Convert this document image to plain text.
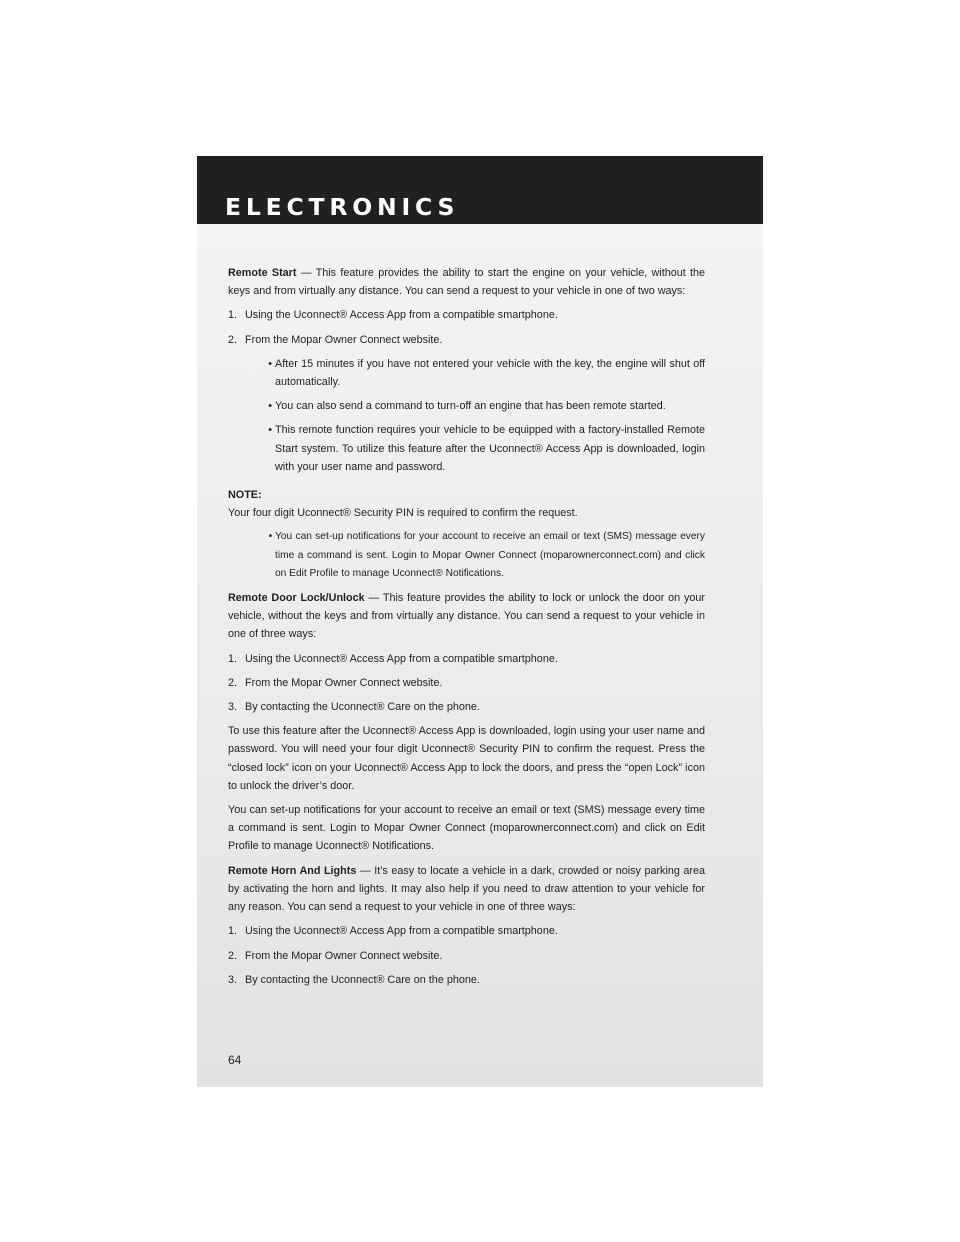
ELECTRONICS

Remote Start — This feature provides the ability to start the engine on your vehicle, without the keys and from virtually any distance. You can send a request to your vehicle in one of two ways:

1. Using the Uconnect® Access App from a compatible smartphone.
2. From the Mopar Owner Connect website.
• After 15 minutes if you have not entered your vehicle with the key, the engine will shut off automatically.
• You can also send a command to turn-off an engine that has been remote started.
• This remote function requires your vehicle to be equipped with a factory-installed Remote Start system. To utilize this feature after the Uconnect® Access App is downloaded, login with your user name and password.
NOTE:

Your four digit Uconnect® Security PIN is required to confirm the request.

• You can set-up notifications for your account to receive an email or text (SMS) message every time a command is sent. Login to Mopar Owner Connect (moparownerconnect.com) and click on Edit Profile to manage Uconnect® Notifications.

Remote Door Lock/Unlock — This feature provides the ability to lock or unlock the door on your vehicle, without the keys and from virtually any distance. You can send a request to your vehicle in one of three ways:

1. Using the Uconnect® Access App from a compatible smartphone.
2. From the Mopar Owner Connect website.
3. By contacting the Uconnect® Care on the phone.

To use this feature after the Uconnect® Access App is downloaded, login using your user name and password. You will need your four digit Uconnect® Security PIN to confirm the request. Press the “closed lock” icon on your Uconnect® Access App to lock the doors, and press the “open Lock” icon to unlock the driver’s door.

You can set-up notifications for your account to receive an email or text (SMS) message every time a command is sent. Login to Mopar Owner Connect (moparownerconnect.com) and click on Edit Profile to manage Uconnect® Notifications.

Remote Horn And Lights — It’s easy to locate a vehicle in a dark, crowded or noisy parking area by activating the horn and lights. It may also help if you need to draw attention to your vehicle for any reason. You can send a request to your vehicle in one of three ways:

1. Using the Uconnect® Access App from a compatible smartphone.
2. From the Mopar Owner Connect website.
3. By contacting the Uconnect® Care on the phone.
64
